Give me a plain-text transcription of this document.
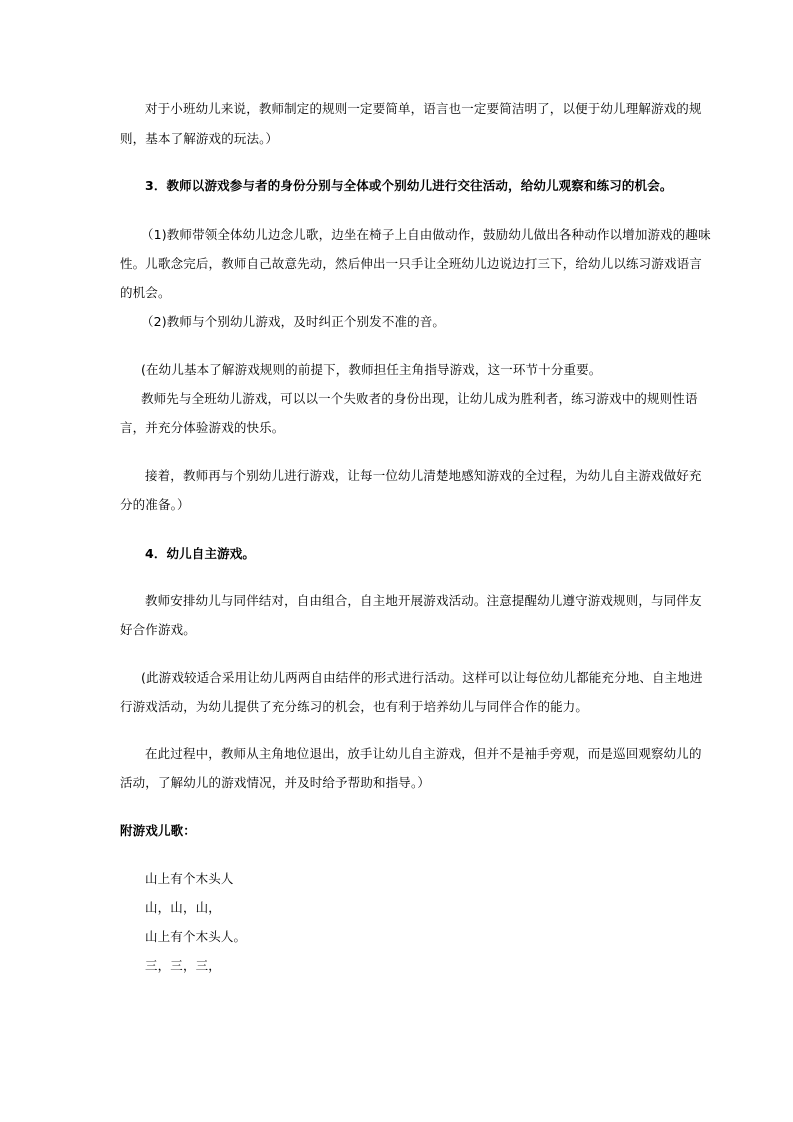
对于小班幼儿来说，教师制定的规则一定要简单，语言也一定要简洁明了，以便于幼儿理解游戏的规
则，基本了解游戏的玩法。）
3．教师以游戏参与者的身份分别与全体或个别幼儿进行交往活动，给幼儿观察和练习的机会。
（1)教师带领全体幼儿边念儿歌，边坐在椅子上自由做动作，鼓励幼儿做出各种动作以增加游戏的趣味
性。儿歌念完后，教师自己故意先动，然后伸出一只手让全班幼儿边说边打三下，给幼儿以练习游戏语言
的机会。
（2)教师与个别幼儿游戏，及时纠正个别发不准的音。
(在幼儿基本了解游戏规则的前提下，教师担任主角指导游戏，这一环节十分重要。
教师先与全班幼儿游戏，可以以一个失败者的身份出现，让幼儿成为胜利者，练习游戏中的规则性语
言，并充分体验游戏的快乐。
接着，教师再与个别幼儿进行游戏，让每一位幼儿清楚地感知游戏的全过程，为幼儿自主游戏做好充
分的准备。）
4．幼儿自主游戏。
教师安排幼儿与同伴结对，自由组合，自主地开展游戏活动。注意提醒幼儿遵守游戏规则，与同伴友
好合作游戏。
(此游戏较适合采用让幼儿两两自由结伴的形式进行活动。这样可以让每位幼儿都能充分地、自主地进
行游戏活动，为幼儿提供了充分练习的机会，也有利于培养幼儿与同伴合作的能力。
在此过程中，教师从主角地位退出，放手让幼儿自主游戏，但并不是袖手旁观，而是巡回观察幼儿的
活动，了解幼儿的游戏情况，并及时给予帮助和指导。）
附游戏儿歌：
山上有个木头人
山，山，山，
山上有个木头人。
三，三，三，
